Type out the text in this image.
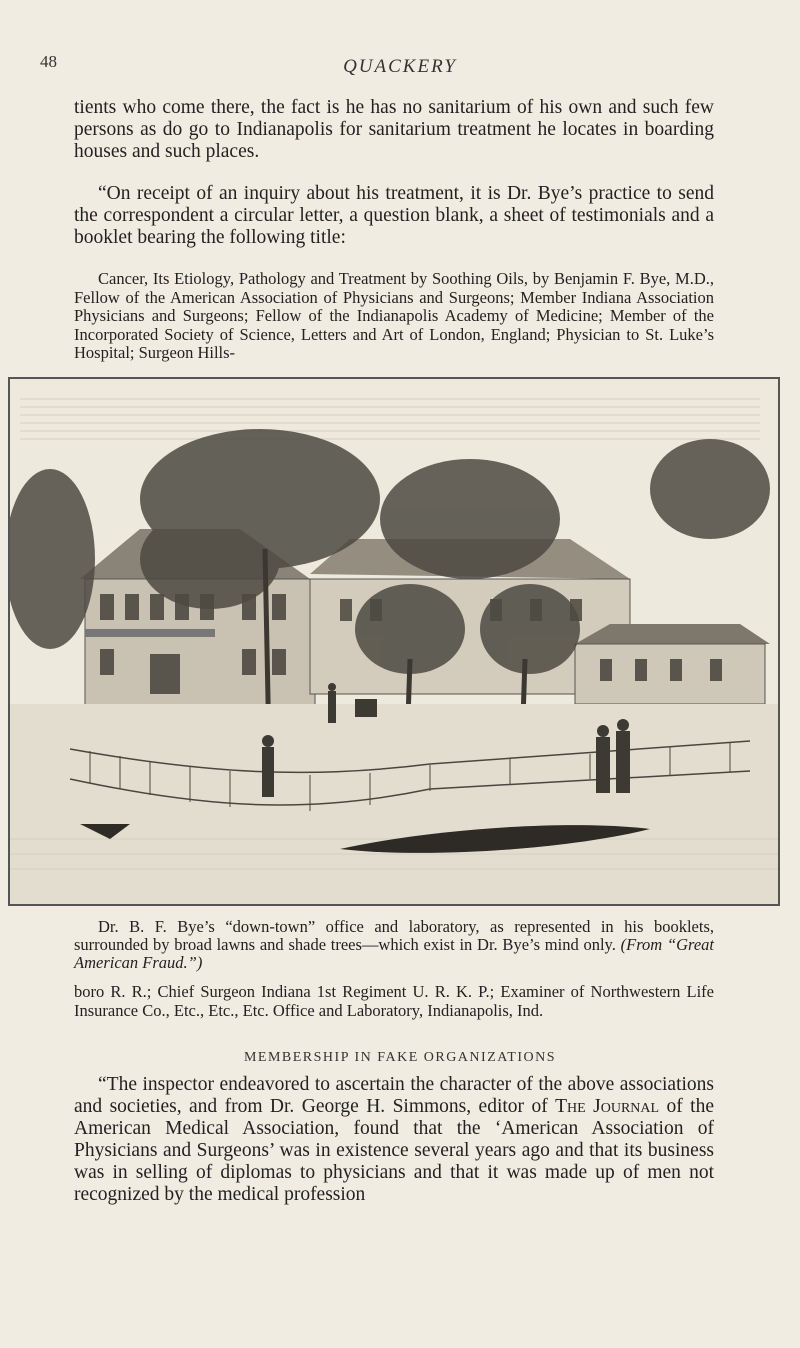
48	QUACKERY

tients who come there, the fact is he has no sanitarium of his own and such few persons as do go to Indianapolis for sanitarium treatment he locates in boarding houses and such places.

“On receipt of an inquiry about his treatment, it is Dr. Bye’s practice to send the correspondent a circular letter, a question blank, a sheet of testimonials and a booklet bearing the following title:

Cancer, Its Etiology, Pathology and Treatment by Soothing Oils, by Benjamin F. Bye, M.D., Fellow of the American Association of Physicians and Surgeons; Member Indiana Association Physicians and Surgeons; Fellow of the Indianapolis Academy of Medicine; Member of the Incorporated Society of Science, Letters and Art of London, England; Physician to St. Luke’s Hospital; Surgeon Hills-

Dr. B. F. Bye’s “down-town” office and laboratory, as represented in his booklets, surrounded by broad lawns and shade trees—which exist in Dr. Bye’s mind only. (From “Great American Fraud.”)

boro R. R.; Chief Surgeon Indiana 1st Regiment U. R. K. P.; Examiner of Northwestern Life Insurance Co., Etc., Etc., Etc. Office and Laboratory, Indianapolis, Ind.

MEMBERSHIP IN FAKE ORGANIZATIONS

“The inspector endeavored to ascertain the character of the above associations and societies, and from Dr. George H. Simmons, editor of The Journal of the American Medical Association, found that the ‘American Association of Physicians and Surgeons’ was in existence several years ago and that its business was in selling of diplomas to physicians and that it was made up of men not recognized by the medical profession
